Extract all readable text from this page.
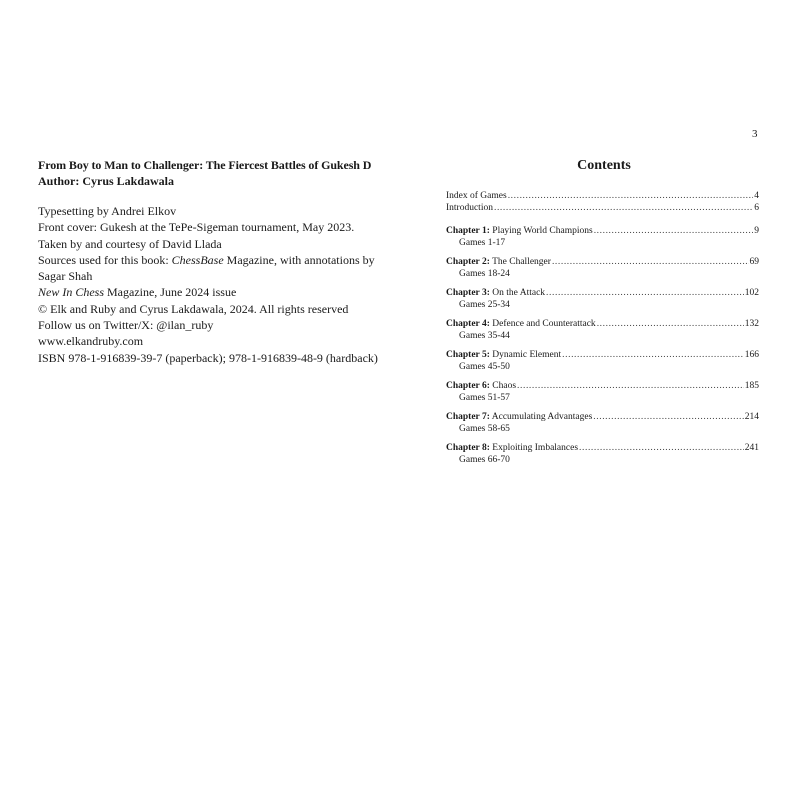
3
From Boy to Man to Challenger: The Fiercest Battles of Gukesh D
Author: Cyrus Lakdawala
Typesetting by Andrei Elkov
Front cover: Gukesh at the TePe-Sigeman tournament, May 2023.
Taken by and courtesy of David Llada
Sources used for this book: ChessBase Magazine, with annotations by Sagar Shah
New In Chess Magazine, June 2024 issue
© Elk and Ruby and Cyrus Lakdawala, 2024. All rights reserved
Follow us on Twitter/X: @ilan_ruby
www.elkandruby.com
ISBN 978-1-916839-39-7 (paperback); 978-1-916839-48-9 (hardback)
Contents
Index of Games .....	4
Introduction .....	6
Chapter 1: Playing World Champions .....	9
Games 1-17
Chapter 2: The Challenger .....	69
Games 18-24
Chapter 3: On the Attack .....	102
Games 25-34
Chapter 4: Defence and Counterattack .....	132
Games 35-44
Chapter 5: Dynamic Element .....	166
Games 45-50
Chapter 6: Chaos .....	185
Games 51-57
Chapter 7: Accumulating Advantages .....	214
Games 58-65
Chapter 8: Exploiting Imbalances .....	241
Games 66-70
